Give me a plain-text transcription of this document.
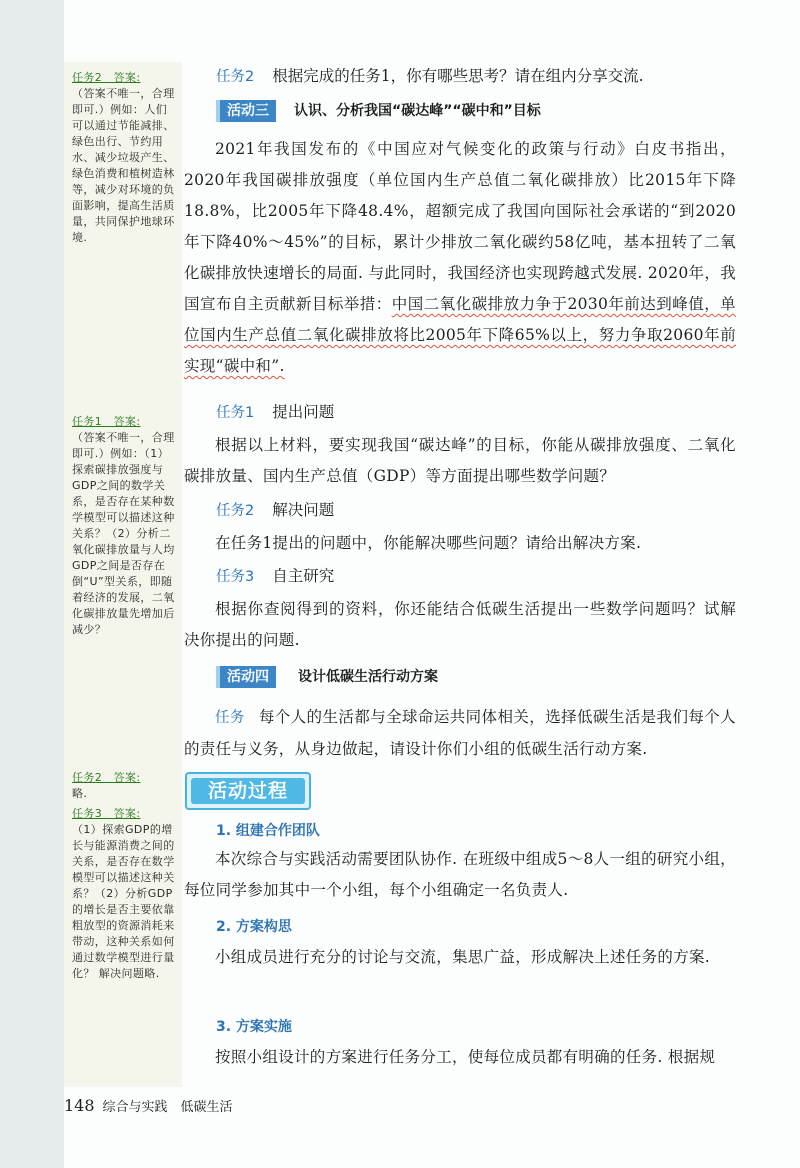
任务2　答案:
（答案不唯一，合理即可.）例如：人们可以通过节能减排、绿色出行、节约用水、减少垃圾产生、绿色消费和植树造林等，减少对环境的负面影响，提高生活质量，共同保护地球环境.
任务1　答案:
（答案不唯一，合理即可.）例如：（1）探索碳排放强度与GDP之间的数学关系，是否存在某种数学模型可以描述这种关系？（2）分析二氧化碳排放量与人均GDP之间是否存在倒“U”型关系，即随着经济的发展，二氧化碳排放量先增加后减少？
任务2　答案:
略.
任务3　答案:
（1）探索GDP的增长与能源消费之间的关系，是否存在数学模型可以描述这种关系？（2）分析GDP的增长是否主要依靠粗放型的资源消耗来带动，这种关系如何通过数学模型进行量化？ 解决问题略.
任务2 根据完成的任务1，你有哪些思考？请在组内分享交流.
活动三	认识、分析我国“碳达峰”“碳中和”目标
2021年我国发布的《中国应对气候变化的政策与行动》白皮书指出，2020年我国碳排放强度（单位国内生产总值二氧化碳排放）比2015年下降18.8%，比2005年下降48.4%，超额完成了我国向国际社会承诺的“到2020年下降40%～45%”的目标，累计少排放二氧化碳约58亿吨，基本扭转了二氧化碳排放快速增长的局面. 与此同时，我国经济也实现跨越式发展. 2020年，我国宣布自主贡献新目标举措：中国二氧化碳排放力争于2030年前达到峰值，单位国内生产总值二氧化碳排放将比2005年下降65%以上，努力争取2060年前实现“碳中和”.
任务1 提出问题
根据以上材料，要实现我国“碳达峰”的目标，你能从碳排放强度、二氧化碳排放量、国内生产总值（GDP）等方面提出哪些数学问题？
任务2 解决问题
在任务1提出的问题中，你能解决哪些问题？请给出解决方案.
任务3 自主研究
根据你查阅得到的资料，你还能结合低碳生活提出一些数学问题吗？试解决你提出的问题.
活动四	设计低碳生活行动方案
任务 每个人的生活都与全球命运共同体相关，选择低碳生活是我们每个人的责任与义务，从身边做起，请设计你们小组的低碳生活行动方案.
活动过程
1. 组建合作团队
本次综合与实践活动需要团队协作. 在班级中组成5～8人一组的研究小组，每位同学参加其中一个小组，每个小组确定一名负责人.
2. 方案构思
小组成员进行充分的讨论与交流，集思广益，形成解决上述任务的方案.
3. 方案实施
按照小组设计的方案进行任务分工，使每位成员都有明确的任务. 根据规
148 综合与实践　低碳生活
